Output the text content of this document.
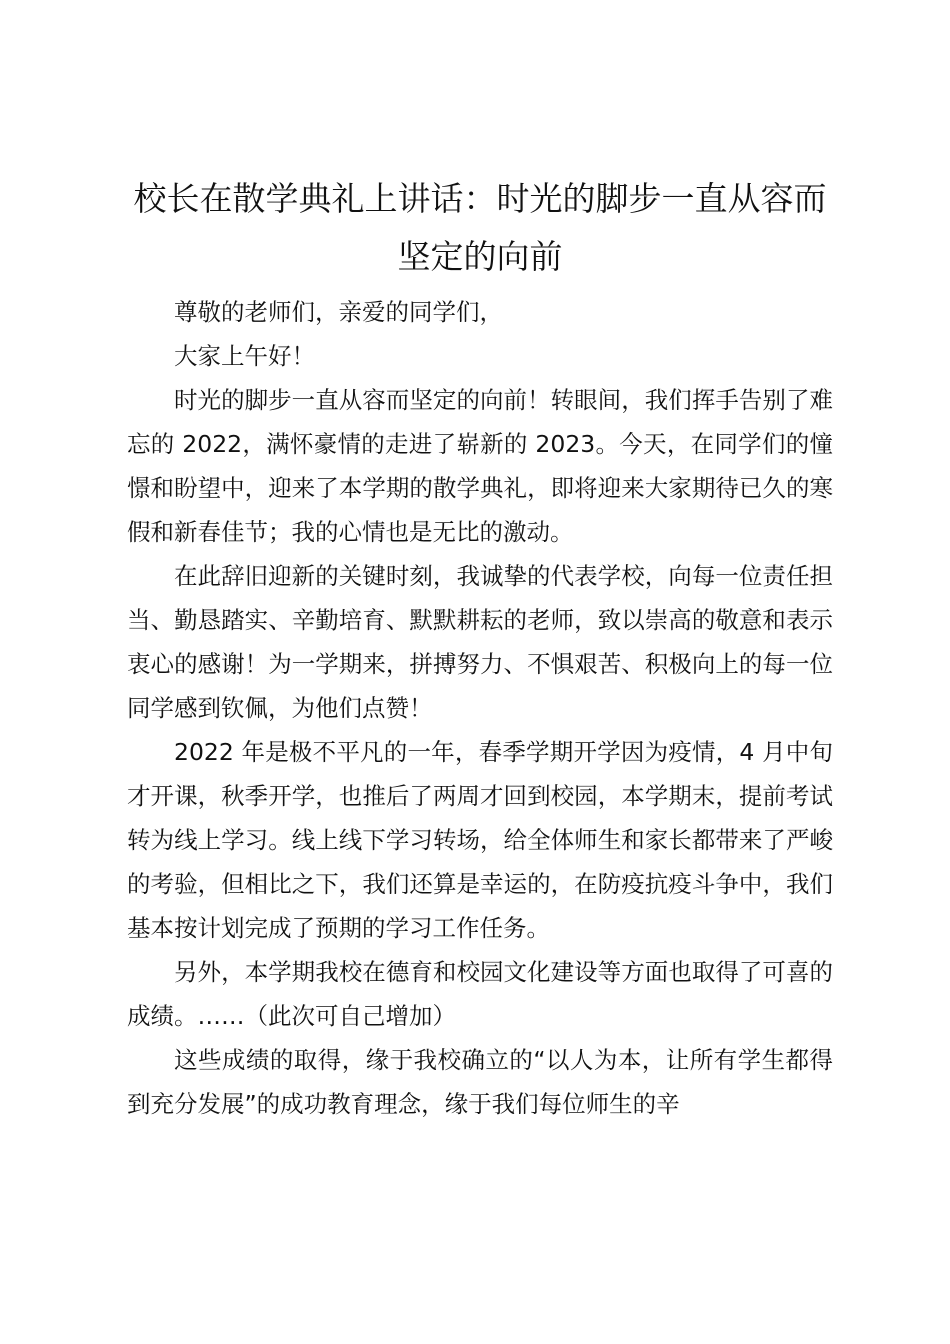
校长在散学典礼上讲话：时光的脚步一直从容而坚定的向前

尊敬的老师们，亲爱的同学们，

大家上午好！

时光的脚步一直从容而坚定的向前！转眼间，我们挥手告别了难忘的 2022，满怀豪情的走进了崭新的 2023。今天，在同学们的憧憬和盼望中，迎来了本学期的散学典礼，即将迎来大家期待已久的寒假和新春佳节；我的心情也是无比的激动。

在此辞旧迎新的关键时刻，我诚挚的代表学校，向每一位责任担当、勤恳踏实、辛勤培育、默默耕耘的老师，致以崇高的敬意和表示衷心的感谢！为一学期来，拼搏努力、不惧艰苦、积极向上的每一位同学感到钦佩，为他们点赞！

2022 年是极不平凡的一年，春季学期开学因为疫情，4 月中旬才开课，秋季开学，也推后了两周才回到校园，本学期末，提前考试转为线上学习。线上线下学习转场，给全体师生和家长都带来了严峻的考验，但相比之下，我们还算是幸运的，在防疫抗疫斗争中，我们基本按计划完成了预期的学习工作任务。

另外，本学期我校在德育和校园文化建设等方面也取得了可喜的成绩。……（此次可自己增加）

这些成绩的取得，缘于我校确立的“以人为本，让所有学生都得到充分发展”的成功教育理念，缘于我们每位师生的辛
